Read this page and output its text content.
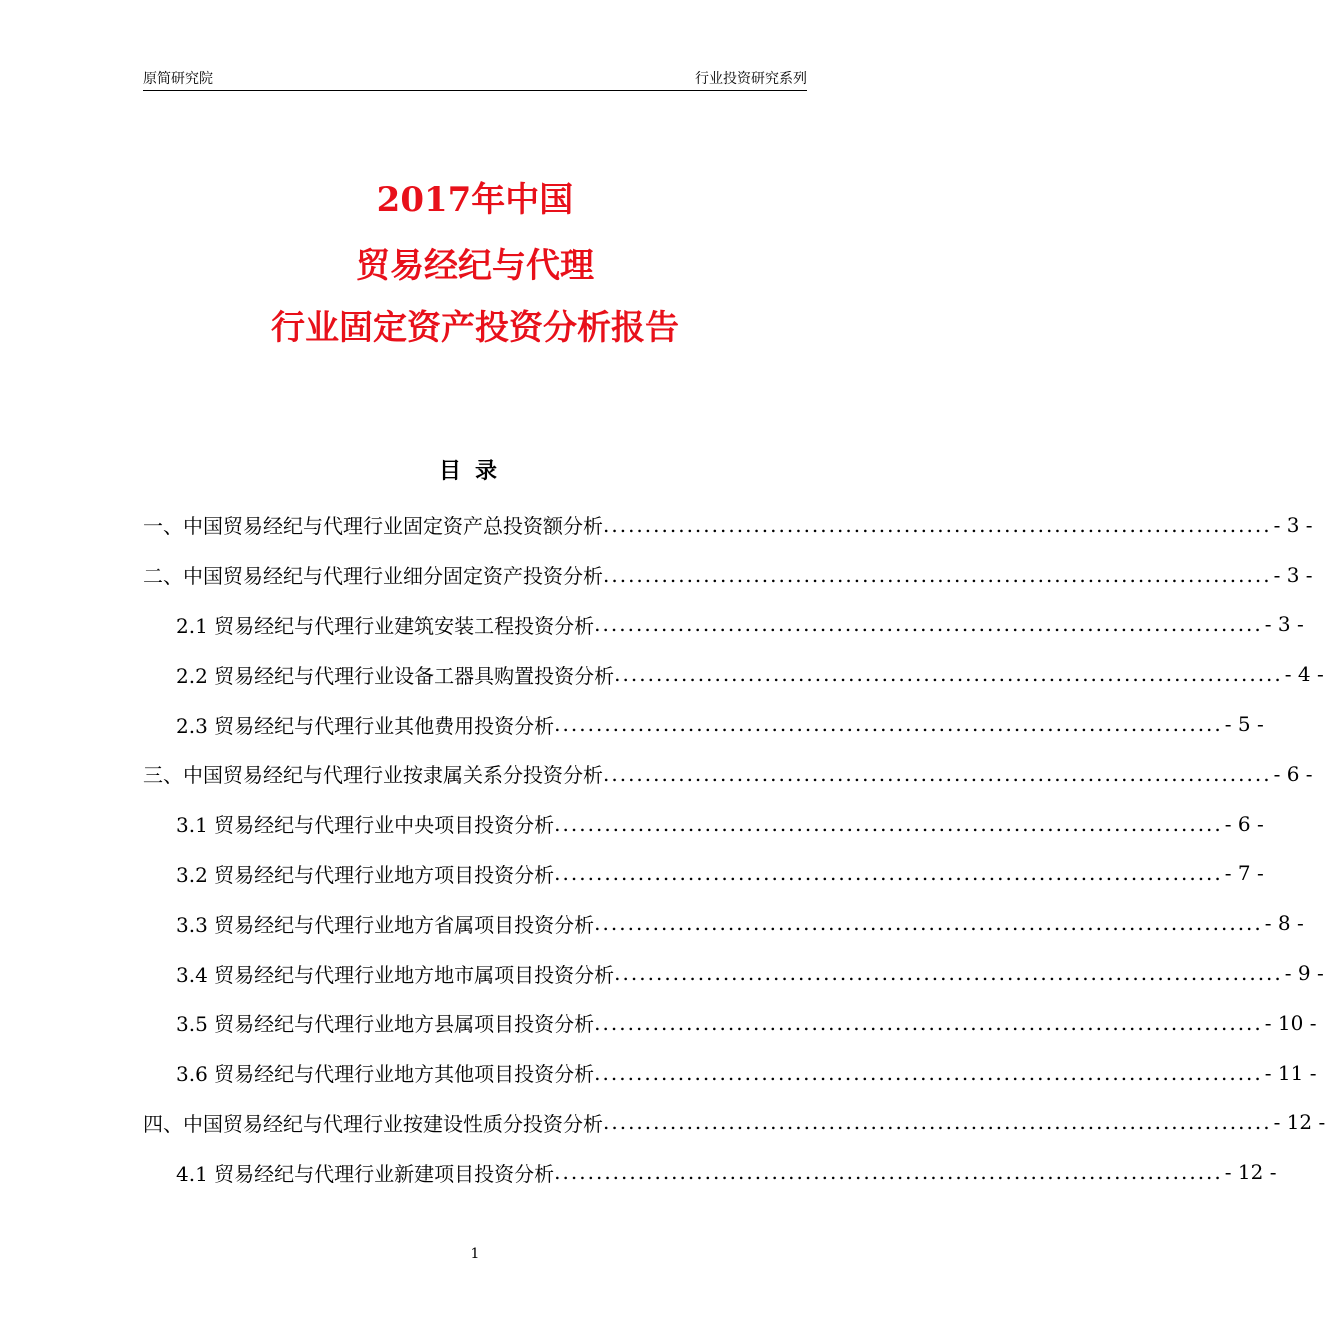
原简研究院	行业投资研究系列
2017年中国
贸易经纪与代理
行业固定资产投资分析报告
目录
一、中国贸易经纪与代理行业固定资产总投资额分析 ................................................................................ - 3 -
二、中国贸易经纪与代理行业细分固定资产投资分析 ................................................................................ - 3 -
2.1 贸易经纪与代理行业建筑安装工程投资分析 ................................................................................ - 3 -
2.2 贸易经纪与代理行业设备工器具购置投资分析 ................................................................................ - 4 -
2.3 贸易经纪与代理行业其他费用投资分析 ................................................................................ - 5 -
三、中国贸易经纪与代理行业按隶属关系分投资分析 ................................................................................ - 6 -
3.1 贸易经纪与代理行业中央项目投资分析 ................................................................................ - 6 -
3.2 贸易经纪与代理行业地方项目投资分析 ................................................................................ - 7 -
3.3 贸易经纪与代理行业地方省属项目投资分析 ................................................................................ - 8 -
3.4 贸易经纪与代理行业地方地市属项目投资分析 ................................................................................ - 9 -
3.5 贸易经纪与代理行业地方县属项目投资分析 ................................................................................ - 10 -
3.6 贸易经纪与代理行业地方其他项目投资分析 ................................................................................ - 11 -
四、中国贸易经纪与代理行业按建设性质分投资分析 ................................................................................ - 12 -
4.1 贸易经纪与代理行业新建项目投资分析 ................................................................................ - 12 -
1
